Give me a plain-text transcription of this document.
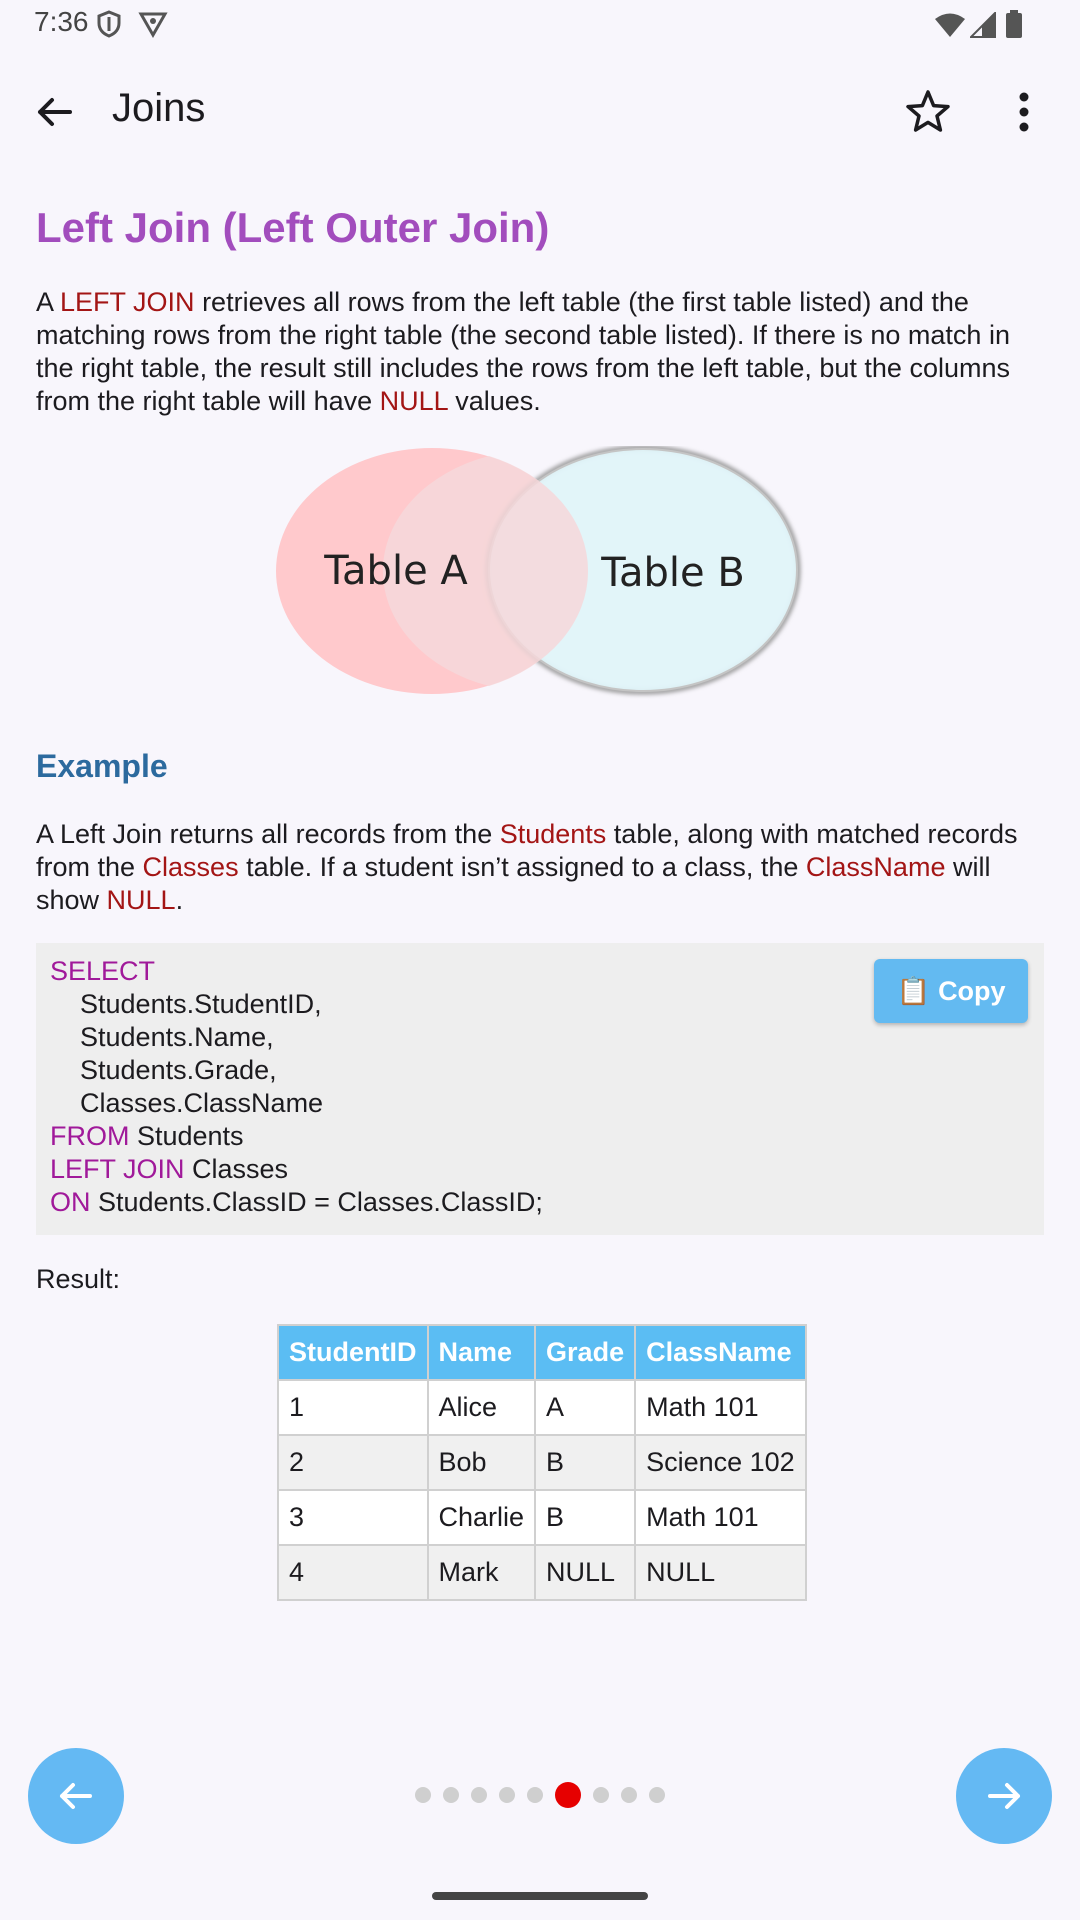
7:36
Joins
Left Join (Left Outer Join)

A LEFT JOIN retrieves all rows from the left table (the first table listed) and the matching rows from the right table (the second table listed). If there is no match in the right table, the result still includes the rows from the left table, but the columns from the right table will have NULL values.

Table A	Table B
Example

A Left Join returns all records from the Students table, along with matched records from the Classes table. If a student isn’t assigned to a class, the ClassName will show NULL.

SELECT
Students.StudentID,
Students.Name,
Students.Grade,
Classes.ClassName
FROM Students
LEFT JOIN Classes
ON Students.ClassID = Classes.ClassID;
📋 Copy
Result:
StudentID	Name	Grade	ClassName
1	Alice	A	Math 101
2	Bob	B	Science 102
3	Charlie	B	Math 101
4	Mark	NULL	NULL
